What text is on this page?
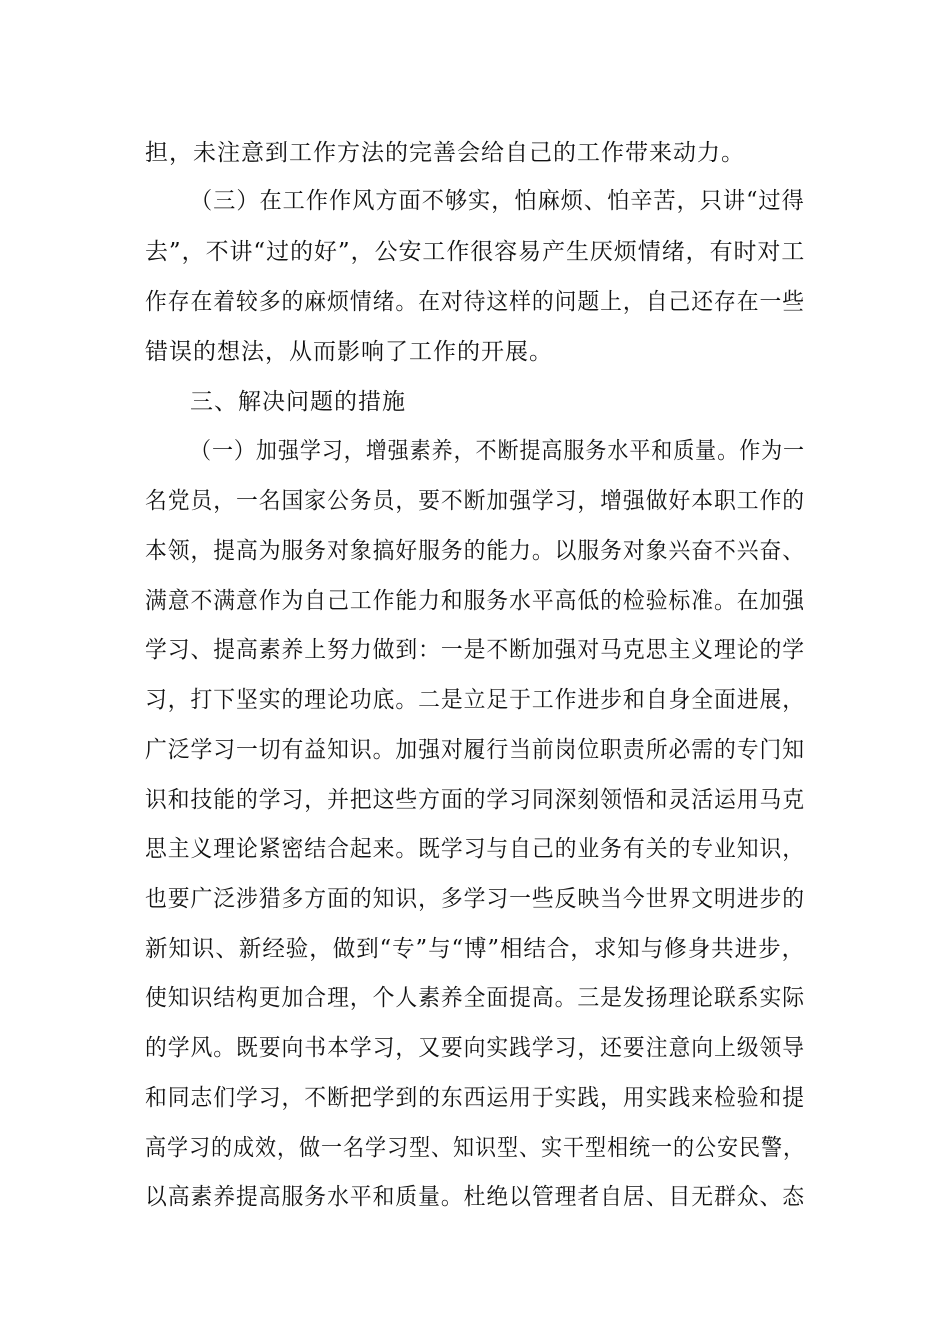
担，未注意到工作方法的完善会给自己的工作带来动力。
（三）在工作作风方面不够实，怕麻烦、怕辛苦，只讲“过得
去”，不讲“过的好”，公安工作很容易产生厌烦情绪，有时对工
作存在着较多的麻烦情绪。在对待这样的问题上，自己还存在一些
错误的想法，从而影响了工作的开展。
三、解决问题的措施
（一）加强学习，增强素养，不断提高服务水平和质量。作为一
名党员，一名国家公务员，要不断加强学习，增强做好本职工作的
本领，提高为服务对象搞好服务的能力。以服务对象兴奋不兴奋、
满意不满意作为自己工作能力和服务水平高低的检验标准。在加强
学习、提高素养上努力做到：一是不断加强对马克思主义理论的学
习，打下坚实的理论功底。二是立足于工作进步和自身全面进展，
广泛学习一切有益知识。加强对履行当前岗位职责所必需的专门知
识和技能的学习，并把这些方面的学习同深刻领悟和灵活运用马克
思主义理论紧密结合起来。既学习与自己的业务有关的专业知识，
也要广泛涉猎多方面的知识，多学习一些反映当今世界文明进步的
新知识、新经验，做到“专”与“博”相结合，求知与修身共进步，
使知识结构更加合理，个人素养全面提高。三是发扬理论联系实际
的学风。既要向书本学习，又要向实践学习，还要注意向上级领导
和同志们学习，不断把学到的东西运用于实践，用实践来检验和提
高学习的成效，做一名学习型、知识型、实干型相统一的公安民警，
以高素养提高服务水平和质量。杜绝以管理者自居、目无群众、态
